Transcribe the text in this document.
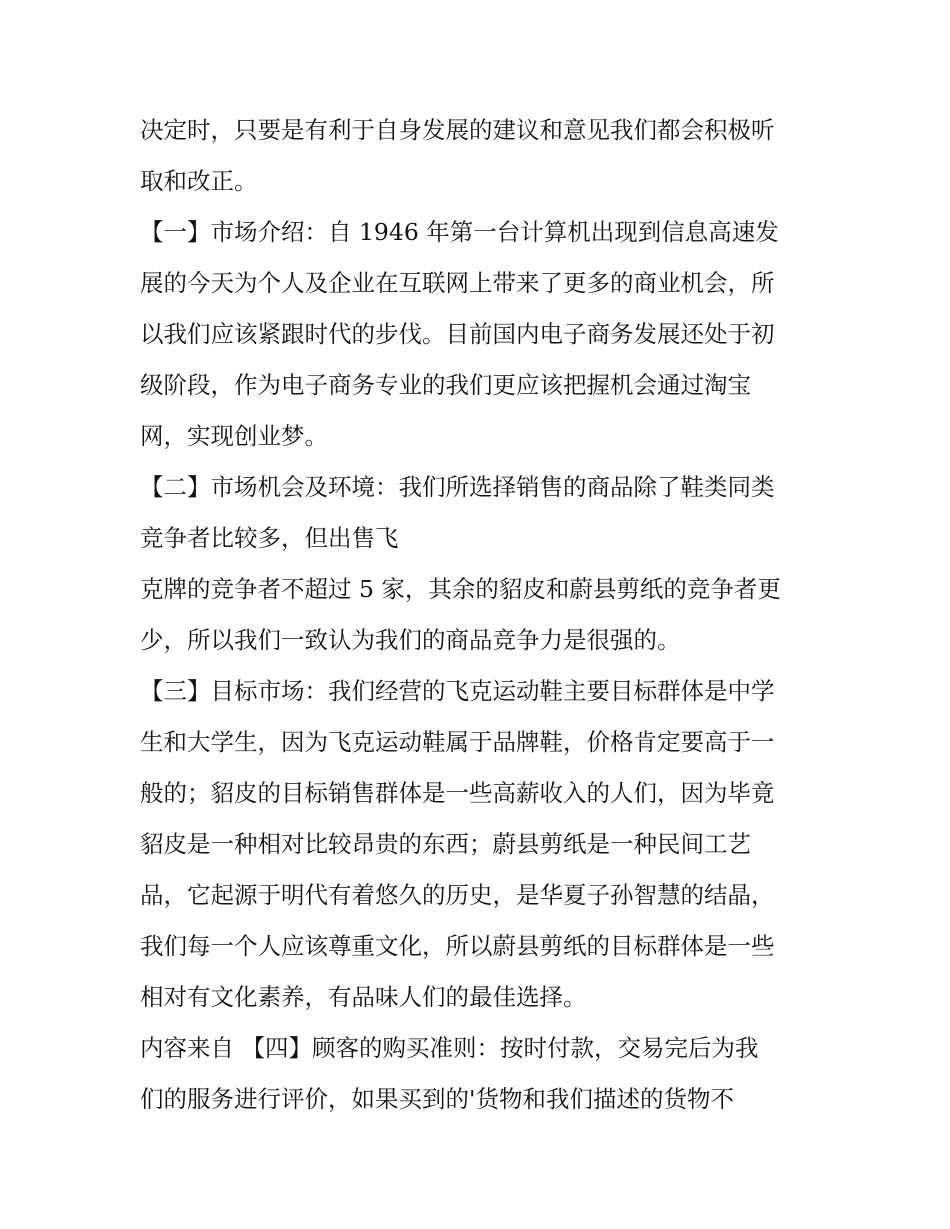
决定时，只要是有利于自身发展的建议和意见我们都会积极听
取和改正。
【一】市场介绍：自 1946 年第一台计算机出现到信息高速发
展的今天为个人及企业在互联网上带来了更多的商业机会，所
以我们应该紧跟时代的步伐。目前国内电子商务发展还处于初
级阶段，作为电子商务专业的我们更应该把握机会通过淘宝
网，实现创业梦。
【二】市场机会及环境：我们所选择销售的商品除了鞋类同类
竞争者比较多，但出售飞
克牌的竞争者不超过 5 家，其余的貂皮和蔚县剪纸的竞争者更
少，所以我们一致认为我们的商品竞争力是很强的。
【三】目标市场：我们经营的飞克运动鞋主要目标群体是中学
生和大学生，因为飞克运动鞋属于品牌鞋，价格肯定要高于一
般的；貂皮的目标销售群体是一些高薪收入的人们，因为毕竟
貂皮是一种相对比较昂贵的东西；蔚县剪纸是一种民间工艺
品，它起源于明代有着悠久的历史，是华夏子孙智慧的结晶，
我们每一个人应该尊重文化，所以蔚县剪纸的目标群体是一些
相对有文化素养，有品味人们的最佳选择。
内容来自 【四】顾客的购买准则：按时付款，交易完后为我
们的服务进行评价，如果买到的'货物和我们描述的货物不
